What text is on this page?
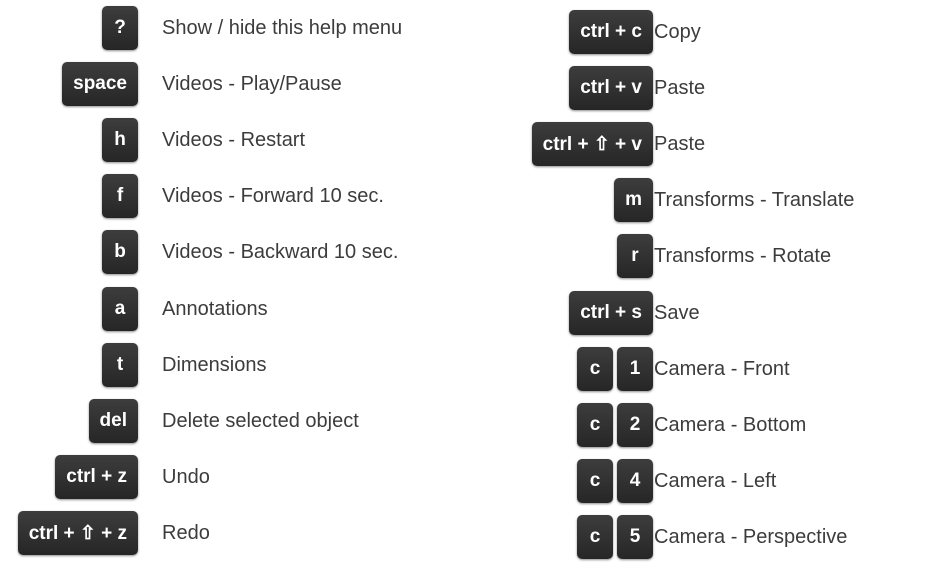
?	Show / hide this help menu
space	Videos - Play/Pause
h	Videos - Restart
f	Videos - Forward 10 sec.
b	Videos - Backward 10 sec.
a	Annotations
t	Dimensions
del	Delete selected object
ctrl + z	Undo
ctrl + ⇧ + z	Redo
ctrl + c Copy
ctrl + v Paste
ctrl + ⇧ + v Paste
m Transforms - Translate
r Transforms - Rotate
ctrl + s Save
c	1 Camera - Front
c	2 Camera - Bottom
c	4 Camera - Left
c	5 Camera - Perspective
